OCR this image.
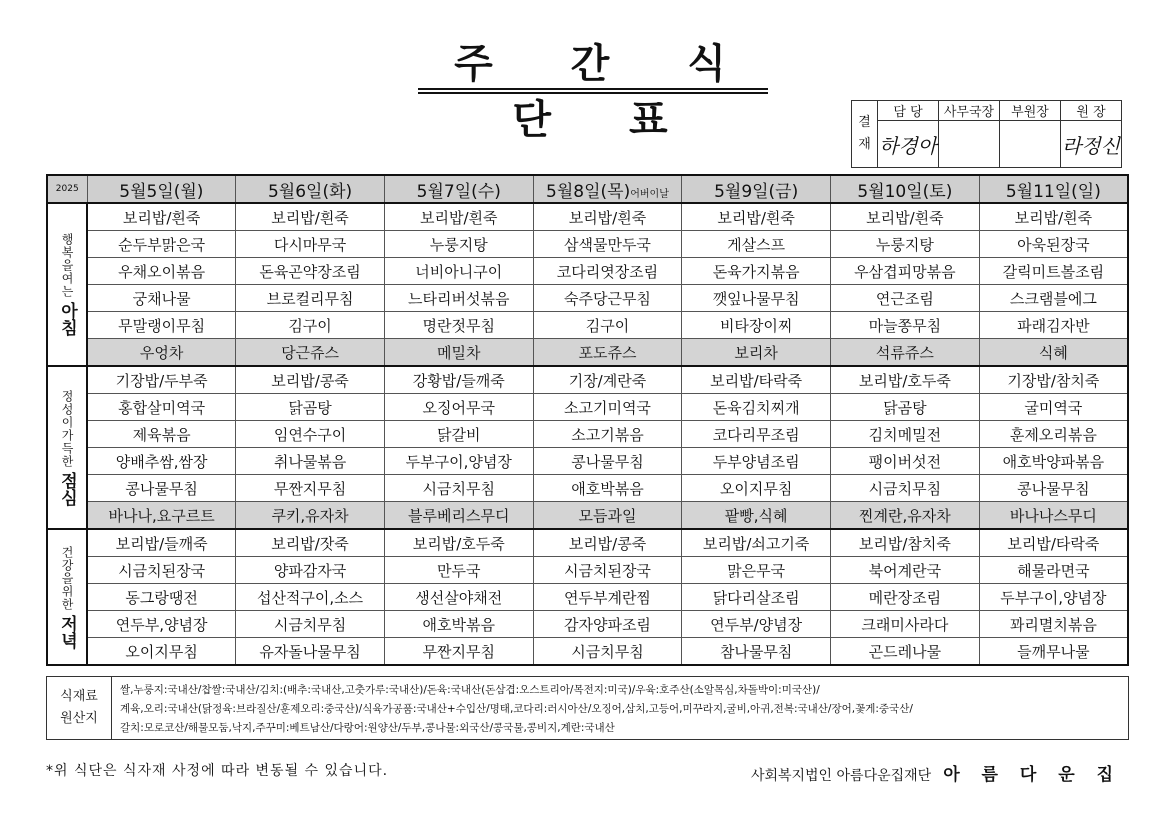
주 간 식 단 표	결
재	담 당	사무국장	부원장	원 장
	하경아			라정신
2025	5월5일(월)	5월6일(화)	5월7일(수)	5월8일(목)어버이날	5월9일(금)	5월10일(토)	5월11일(일)

행복을여는
아침	보리밥/흰죽	보리밥/흰죽	보리밥/흰죽	보리밥/흰죽	보리밥/흰죽	보리밥/흰죽	보리밥/흰죽
	순두부맑은국	다시마무국	누룽지탕	삼색물만두국	게살스프	누룽지탕	아욱된장국
	우채오이볶음	돈육곤약장조림	너비아니구이	코다리엿장조림	돈육가지볶음	우삼겹피망볶음	갈릭미트볼조림
	궁채나물	브로컬리무침	느타리버섯볶음	숙주당근무침	깻잎나물무침	연근조림	스크램블에그
	무말랭이무침	김구이	명란젓무침	김구이	비타장이찌	마늘쫑무침	파래김자반
	우엉차	당근쥬스	메밀차	포도쥬스	보리차	석류쥬스	식혜

정성이가득한
점심	기장밥/두부죽	보리밥/콩죽	강황밥/들깨죽	기장/계란죽	보리밥/타락죽	보리밥/호두죽	기장밥/참치죽
	홍합살미역국	닭곰탕	오징어무국	소고기미역국	돈육김치찌개	닭곰탕	굴미역국
	제육볶음	임연수구이	닭갈비	소고기볶음	코다리무조림	김치메밀전	훈제오리볶음
	양배추쌈,쌈장	취나물볶음	두부구이,양념장	콩나물무침	두부양념조림	팽이버섯전	애호박양파볶음
	콩나물무침	무짠지무침	시금치무침	애호박볶음	오이지무침	시금치무침	콩나물무침
	바나나,요구르트	쿠키,유자차	블루베리스무디	모듬과일	팥빵,식혜	찐계란,유자차	바나나스무디

건강을위한
저녁	보리밥/들깨죽	보리밥/잣죽	보리밥/호두죽	보리밥/콩죽	보리밥/쇠고기죽	보리밥/참치죽	보리밥/타락죽
	시금치된장국	양파감자국	만두국	시금치된장국	맑은무국	북어계란국	해물라면국
	동그랑땡전	섭산적구이,소스	생선살야채전	연두부계란찜	닭다리살조림	메란장조림	두부구이,양념장
	연두부,양념장	시금치무침	애호박볶음	감자양파조림	연두부/양념장	크래미사라다	꽈리멸치볶음
	오이지무침	유자돌나물무침	무짠지무침	시금치무침	참나물무침	곤드레나물	들깨무나물
식재료
원산지
쌀,누룽지:국내산/찹쌀:국내산/김치:(배추:국내산,고춧가루:국내산)/돈육:국내산(돈삼겹:오스트리아/목전지:미국)/우육:호주산(소알목심,차돌박이:미국산)/
계육,오리:국내산(닭정육:브라질산/훈제오리:중국산)/식육가공품:국내산+수입산/명태,코다리:러시아산/오징어,삼치,고등어,미꾸라지,굴비,아귀,전복:국내산/장어,꽃게:중국산/
갈치:모로코산/해물모둠,낙지,주꾸미:베트남산/다랑어:원양산/두부,콩나물:외국산/콩국물,콩비지,계란:국내산
*위 식단은 식자재 사정에 따라 변동될 수 있습니다.	사회복지법인 아름다운집재단 아 름 다 운 집
